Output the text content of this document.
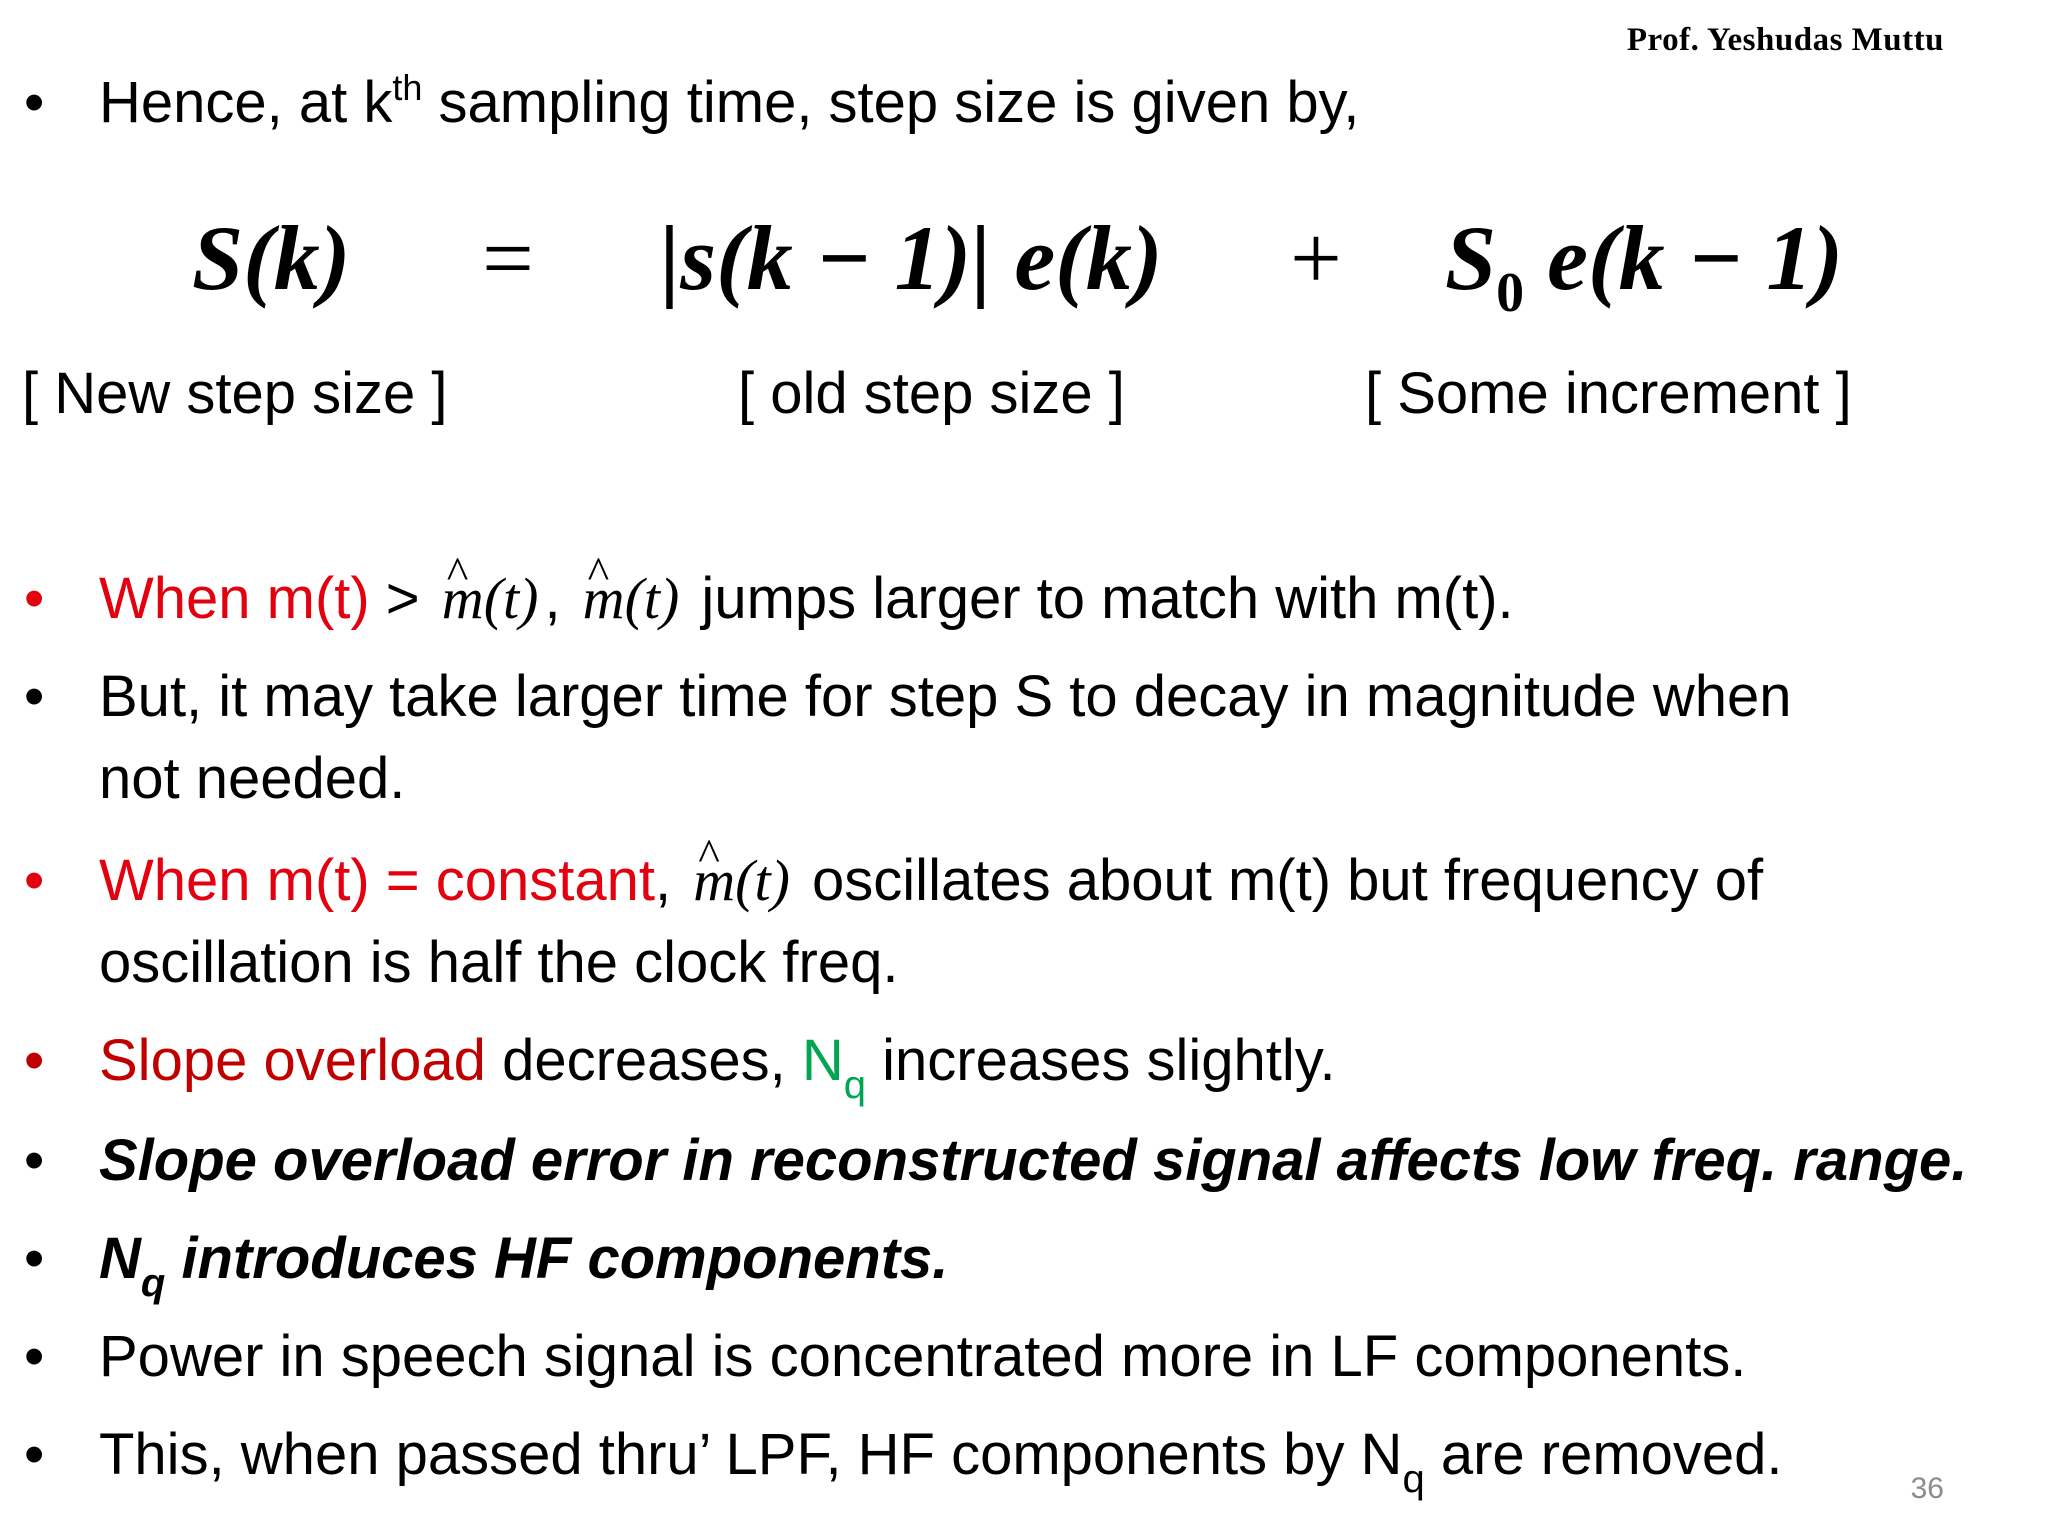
Prof. Yeshudas Muttu
• Hence, at $k^{th}$ sampling time, step size is given by,
S(k) = |s(k − 1)| $e(k) + S_0$ e(k − 1)
[ New step size ]	[ old step size ]	[ Some increment ]
• When m(t) > ^ m(t) , ^ m(t) jumps larger to match with m(t).
• But, it may take larger time for step S to decay in magnitude when
not needed.
• When m(t) = constant, ^ m(t) oscillates about m(t) but frequency of
oscillation is half the clock freq.
• Slope overload decreases, $N_q$ increases slightly.
• Slope overload error in reconstructed signal affects low freq. range.
• $N_q$ introduces HF components.
• Power in speech signal is concentrated more in LF components.
• This, when passed thru’ LPF, HF components by $N_q$ are removed.
36
